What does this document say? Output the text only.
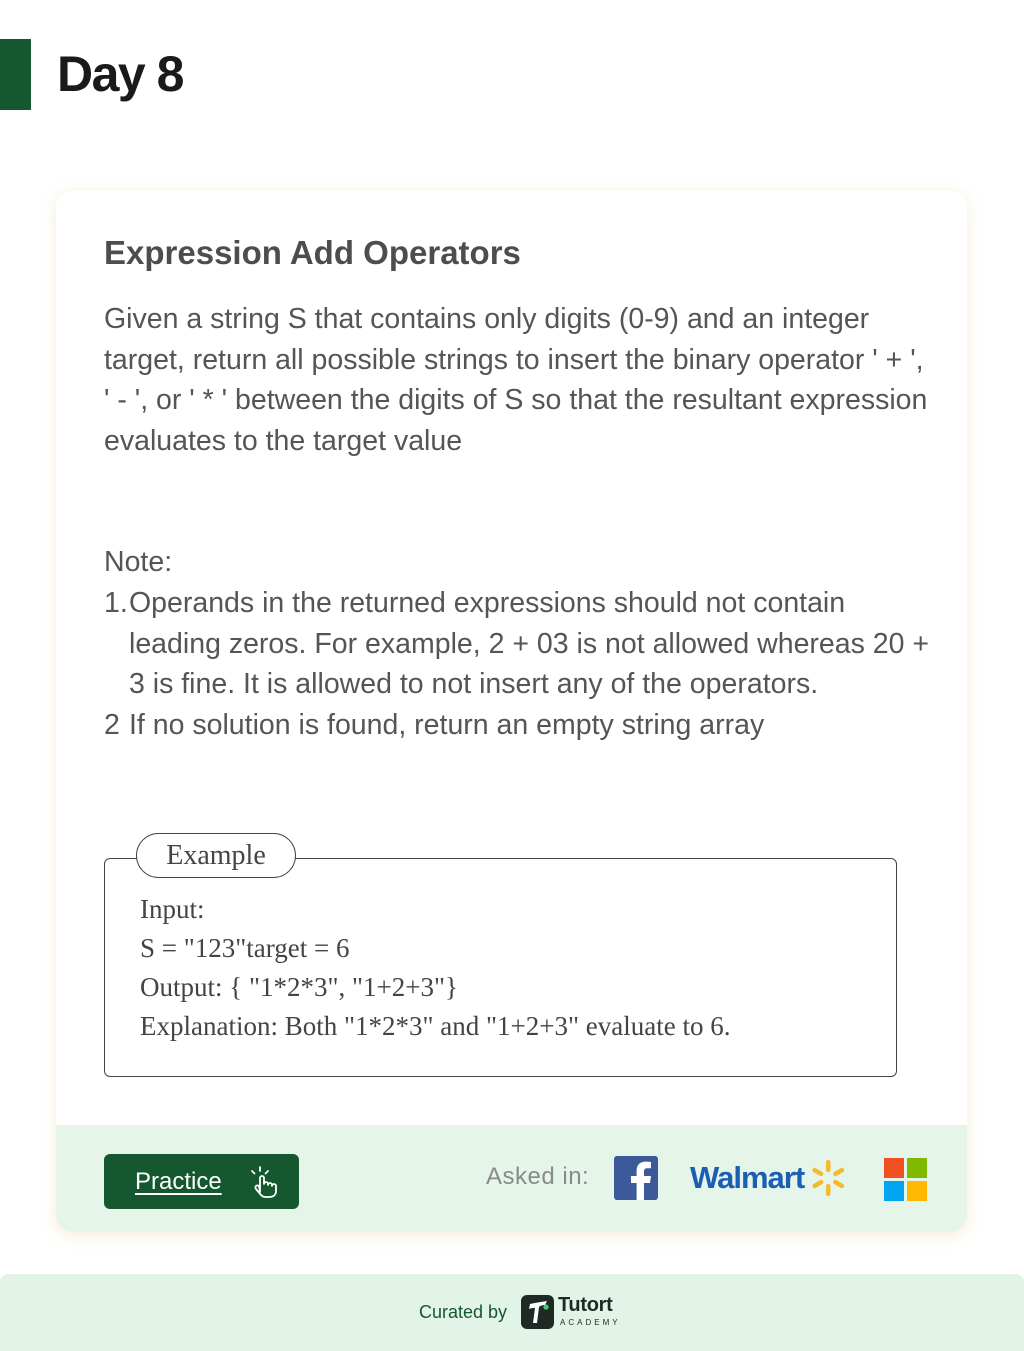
Day 8
Expression Add Operators

Given a string S that contains only digits (0-9) and an integer target, return all possible strings to insert the binary operator ' + ', ' - ', or ' * ' between the digits of S so that the resultant expression evaluates to the target value

Note:

1. Operands in the returned expressions should not contain leading zeros. For example, 2 + 03 is not allowed whereas 20 + 3 is fine. It is allowed to not insert any of the operators.
2 If no solution is found, return an empty string array
Example
Input:
S = "123"target = 6
Output: { "1*2*3", "1+2+3"}
Explanation: Both "1*2*3" and "1+2+3" evaluate to 6.
Practice	Asked in:	Walmart
Curated by	Tutort
ACADEMY
